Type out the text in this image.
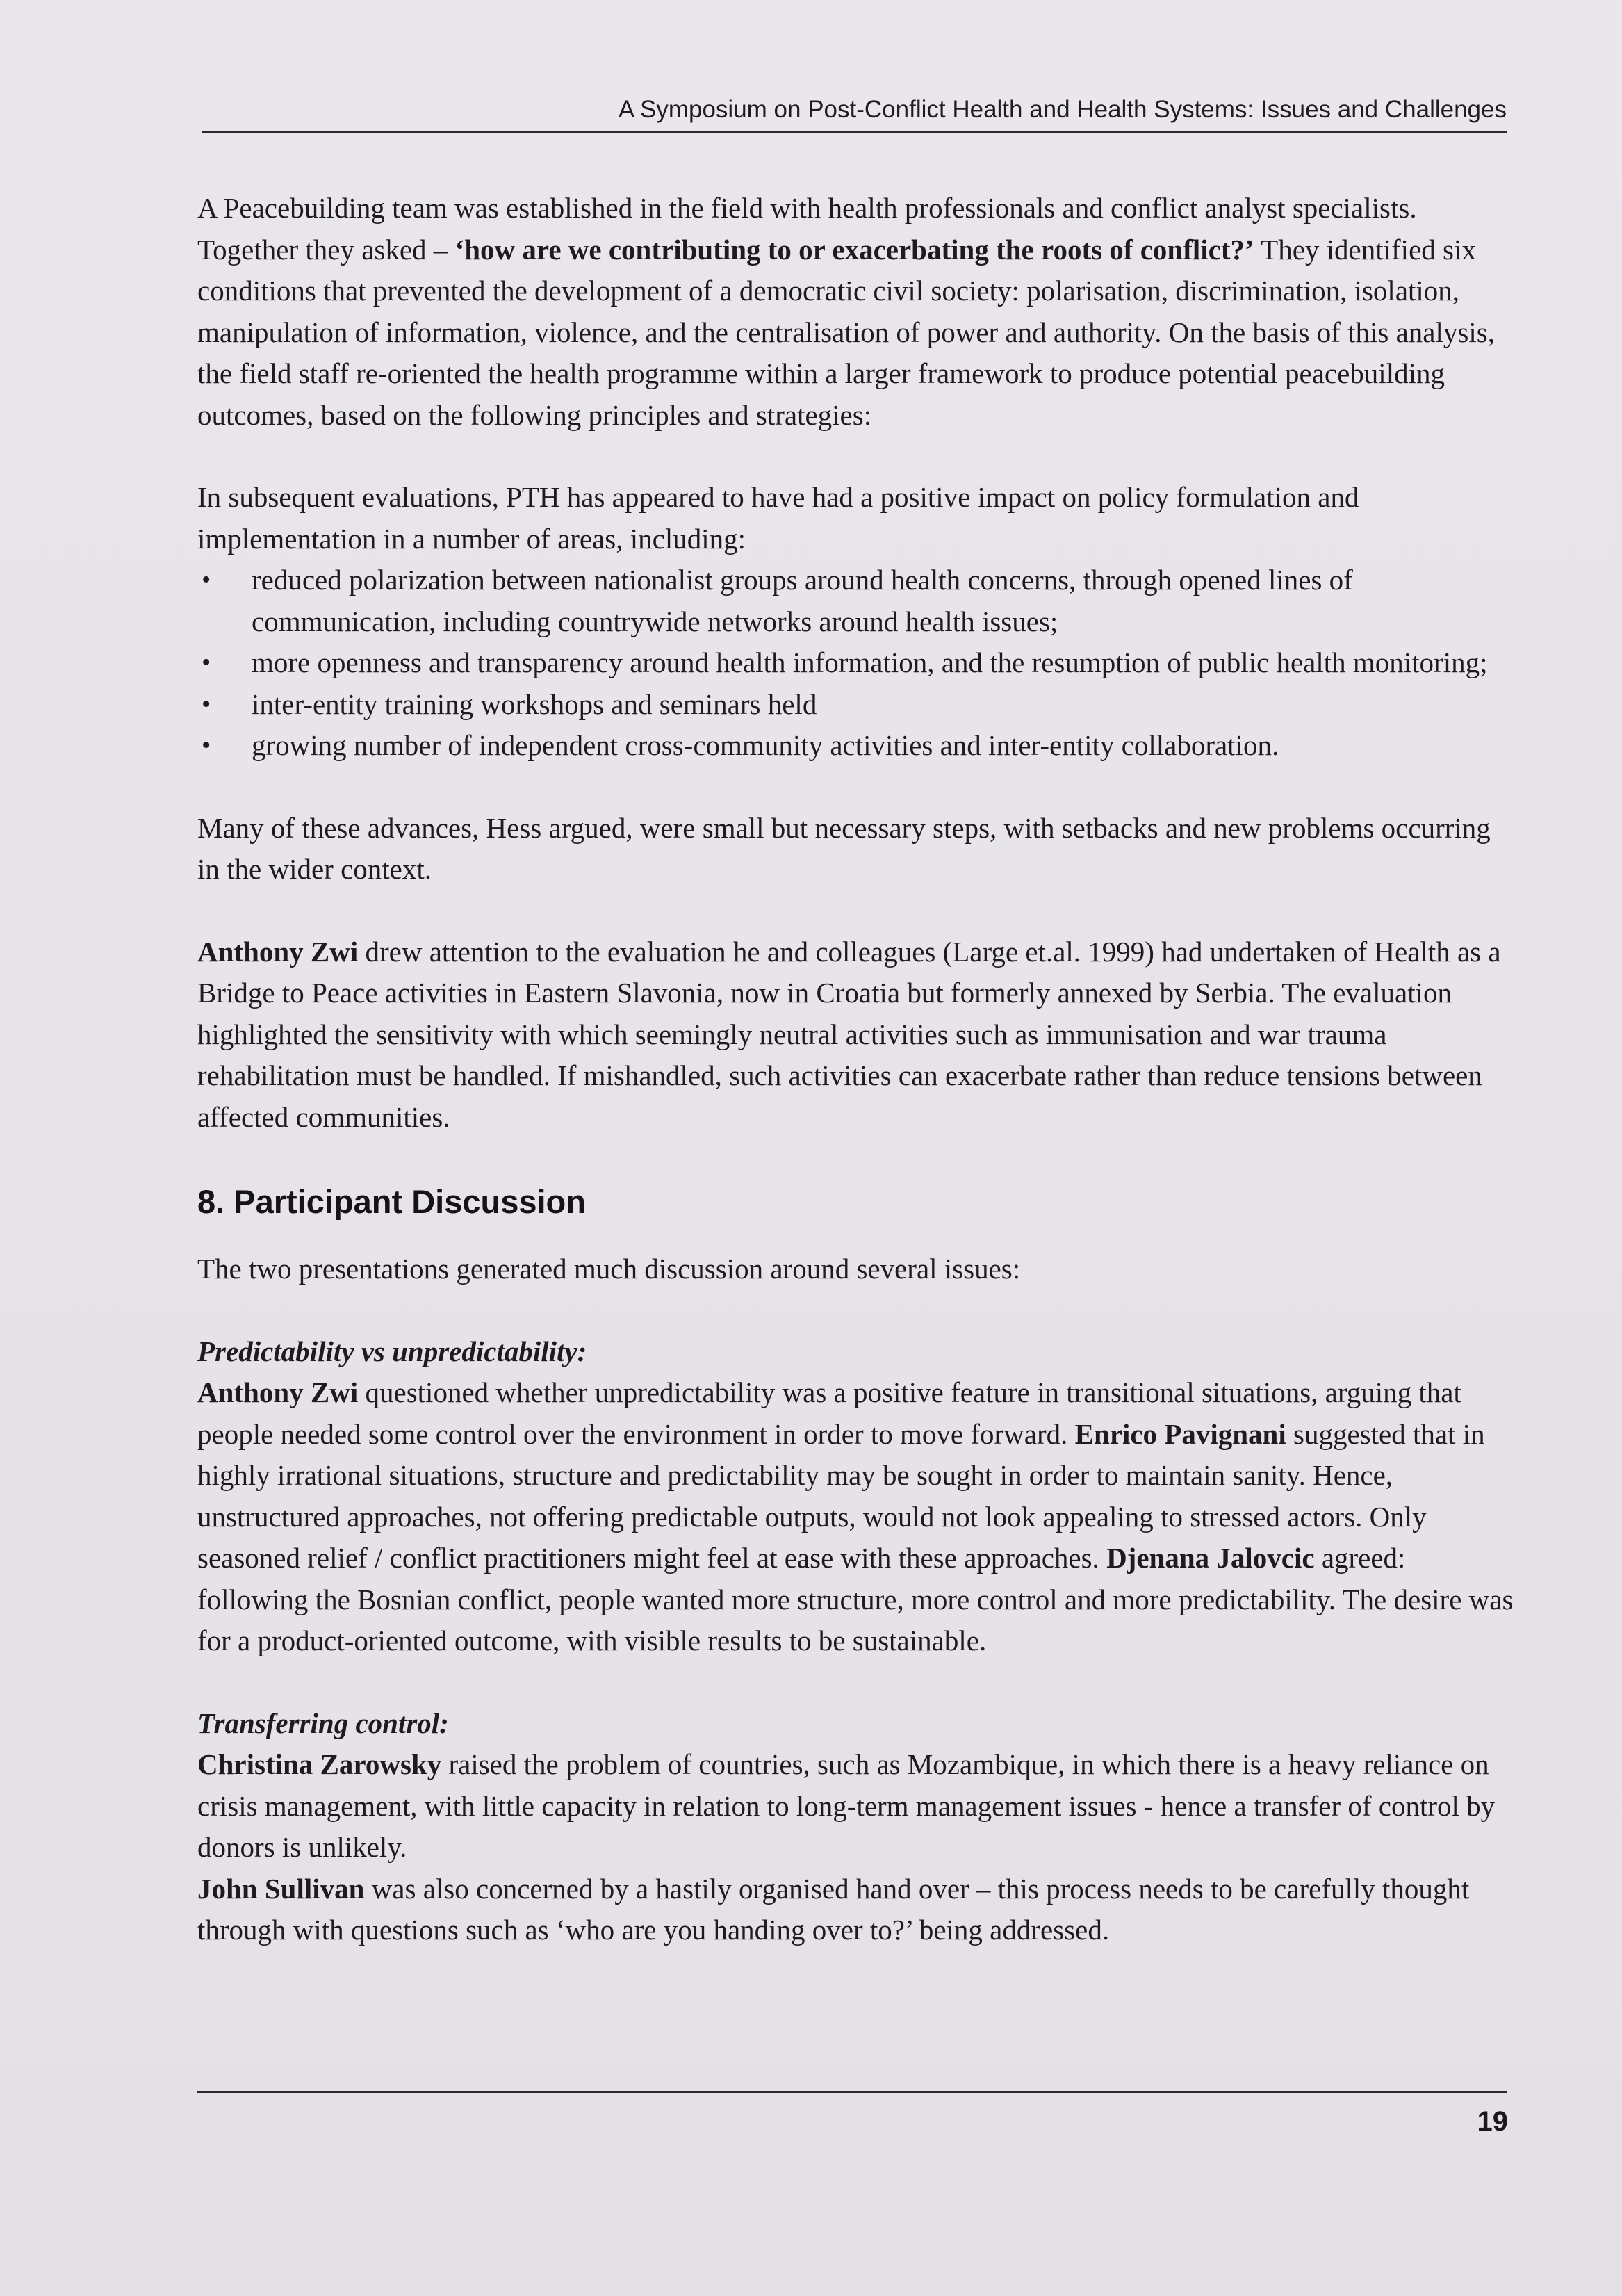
A Symposium on Post-Conflict Health and Health Systems: Issues and Challenges

A Peacebuilding team was established in the field with health professionals and conflict analyst specialists. Together they asked – ‘how are we contributing to or exacerbating the roots of conflict?’ They identified six conditions that prevented the development of a democratic civil society: polarisation, discrimination, isolation, manipulation of information, violence, and the centralisation of power and authority. On the basis of this analysis, the field staff re-oriented the health programme within a larger framework to produce potential peacebuilding outcomes, based on the following principles and strategies:

In subsequent evaluations, PTH has appeared to have had a positive impact on policy formulation and implementation in a number of areas, including:

• reduced polarization between nationalist groups around health concerns, through opened lines of communication, including countrywide networks around health issues;
• more openness and transparency around health information, and the resumption of public health monitoring;
• inter-entity training workshops and seminars held
• growing number of independent cross-community activities and inter-entity collaboration.

Many of these advances, Hess argued, were small but necessary steps, with setbacks and new problems occurring in the wider context.

Anthony Zwi drew attention to the evaluation he and colleagues (Large et.al. 1999) had undertaken of Health as a Bridge to Peace activities in Eastern Slavonia, now in Croatia but formerly annexed by Serbia. The evaluation highlighted the sensitivity with which seemingly neutral activities such as immunisation and war trauma rehabilitation must be handled. If mishandled, such activities can exacerbate rather than reduce tensions between affected communities.

8. Participant Discussion

The two presentations generated much discussion around several issues:

Predictability vs unpredictability:

Anthony Zwi questioned whether unpredictability was a positive feature in transitional situations, arguing that people needed some control over the environment in order to move forward. Enrico Pavignani suggested that in highly irrational situations, structure and predictability may be sought in order to maintain sanity. Hence, unstructured approaches, not offering predictable outputs, would not look appealing to stressed actors. Only seasoned relief / conflict practitioners might feel at ease with these approaches. Djenana Jalovcic agreed: following the Bosnian conflict, people wanted more structure, more control and more predictability. The desire was for a product-oriented outcome, with visible results to be sustainable.

Transferring control:

Christina Zarowsky raised the problem of countries, such as Mozambique, in which there is a heavy reliance on crisis management, with little capacity in relation to long-term management issues - hence a transfer of control by donors is unlikely.

John Sullivan was also concerned by a hastily organised hand over – this process needs to be carefully thought through with questions such as ‘who are you handing over to?’ being addressed.

19
